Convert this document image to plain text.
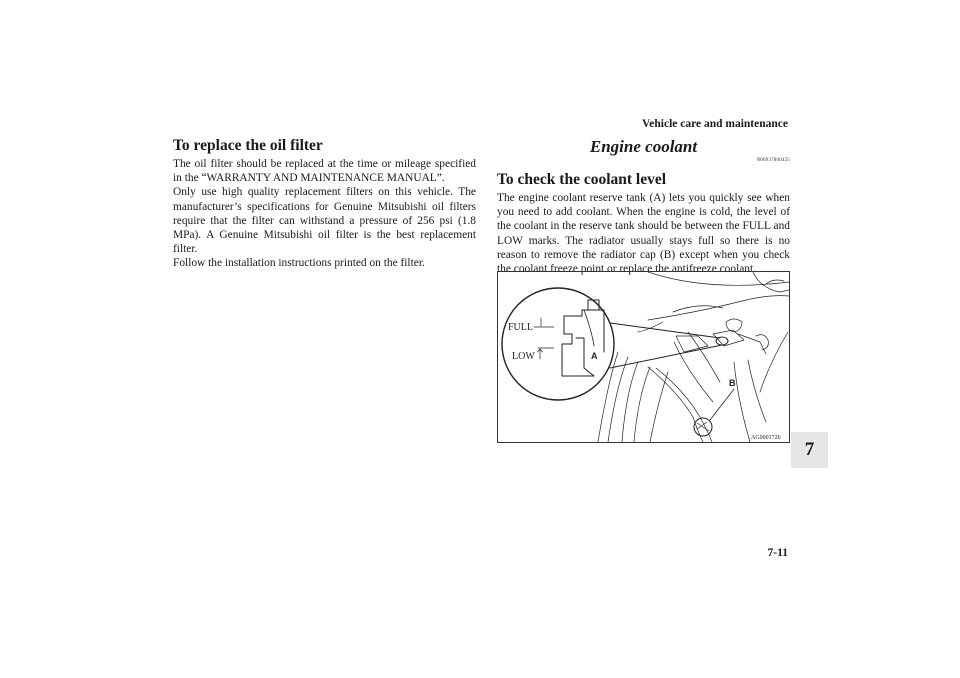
Vehicle care and maintenance
To replace the oil filter

The oil filter should be replaced at the time or mileage specified in the “WARRANTY AND MAINTENANCE MANUAL”.

Only use high quality replacement filters on this vehicle. The manufacturer’s specifications for Genuine Mitsubishi oil filters require that the filter can withstand a pressure of 256 psi (1.8 MPa). A Genuine Mitsubishi oil filter is the best replacement filter.

Follow the installation instructions printed on the filter.

Engine coolant
N00937800425
To check the coolant level

The engine coolant reserve tank (A) lets you quickly see when you need to add coolant. When the engine is cold, the level of the coolant in the reserve tank should be between the FULL and LOW marks. The radiator usually stays full so there is no reason to remove the radiator cap (B) except when you check the coolant freeze point or replace the antifreeze coolant.

FULL
LOW	A
B
AG0001726
7
7-11
